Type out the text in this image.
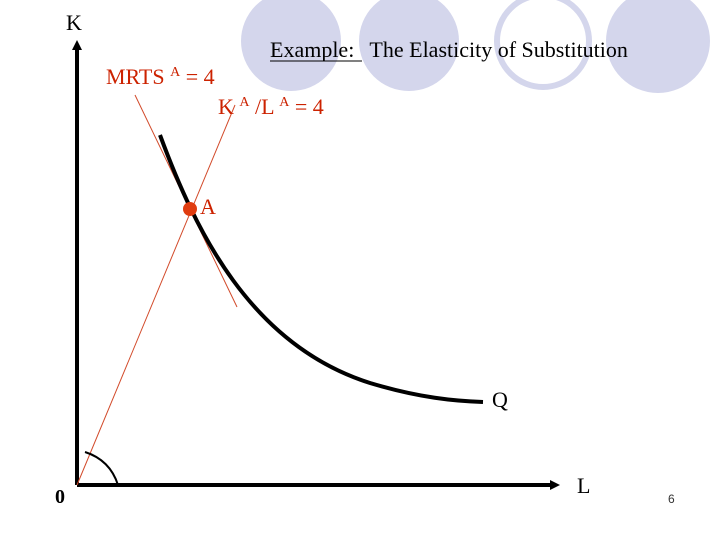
K
0	L
Example: The Elasticity of Substitution
MRTS $^A$ = 4
K $^A$ /L $^A$ = 4
A
Q
6
